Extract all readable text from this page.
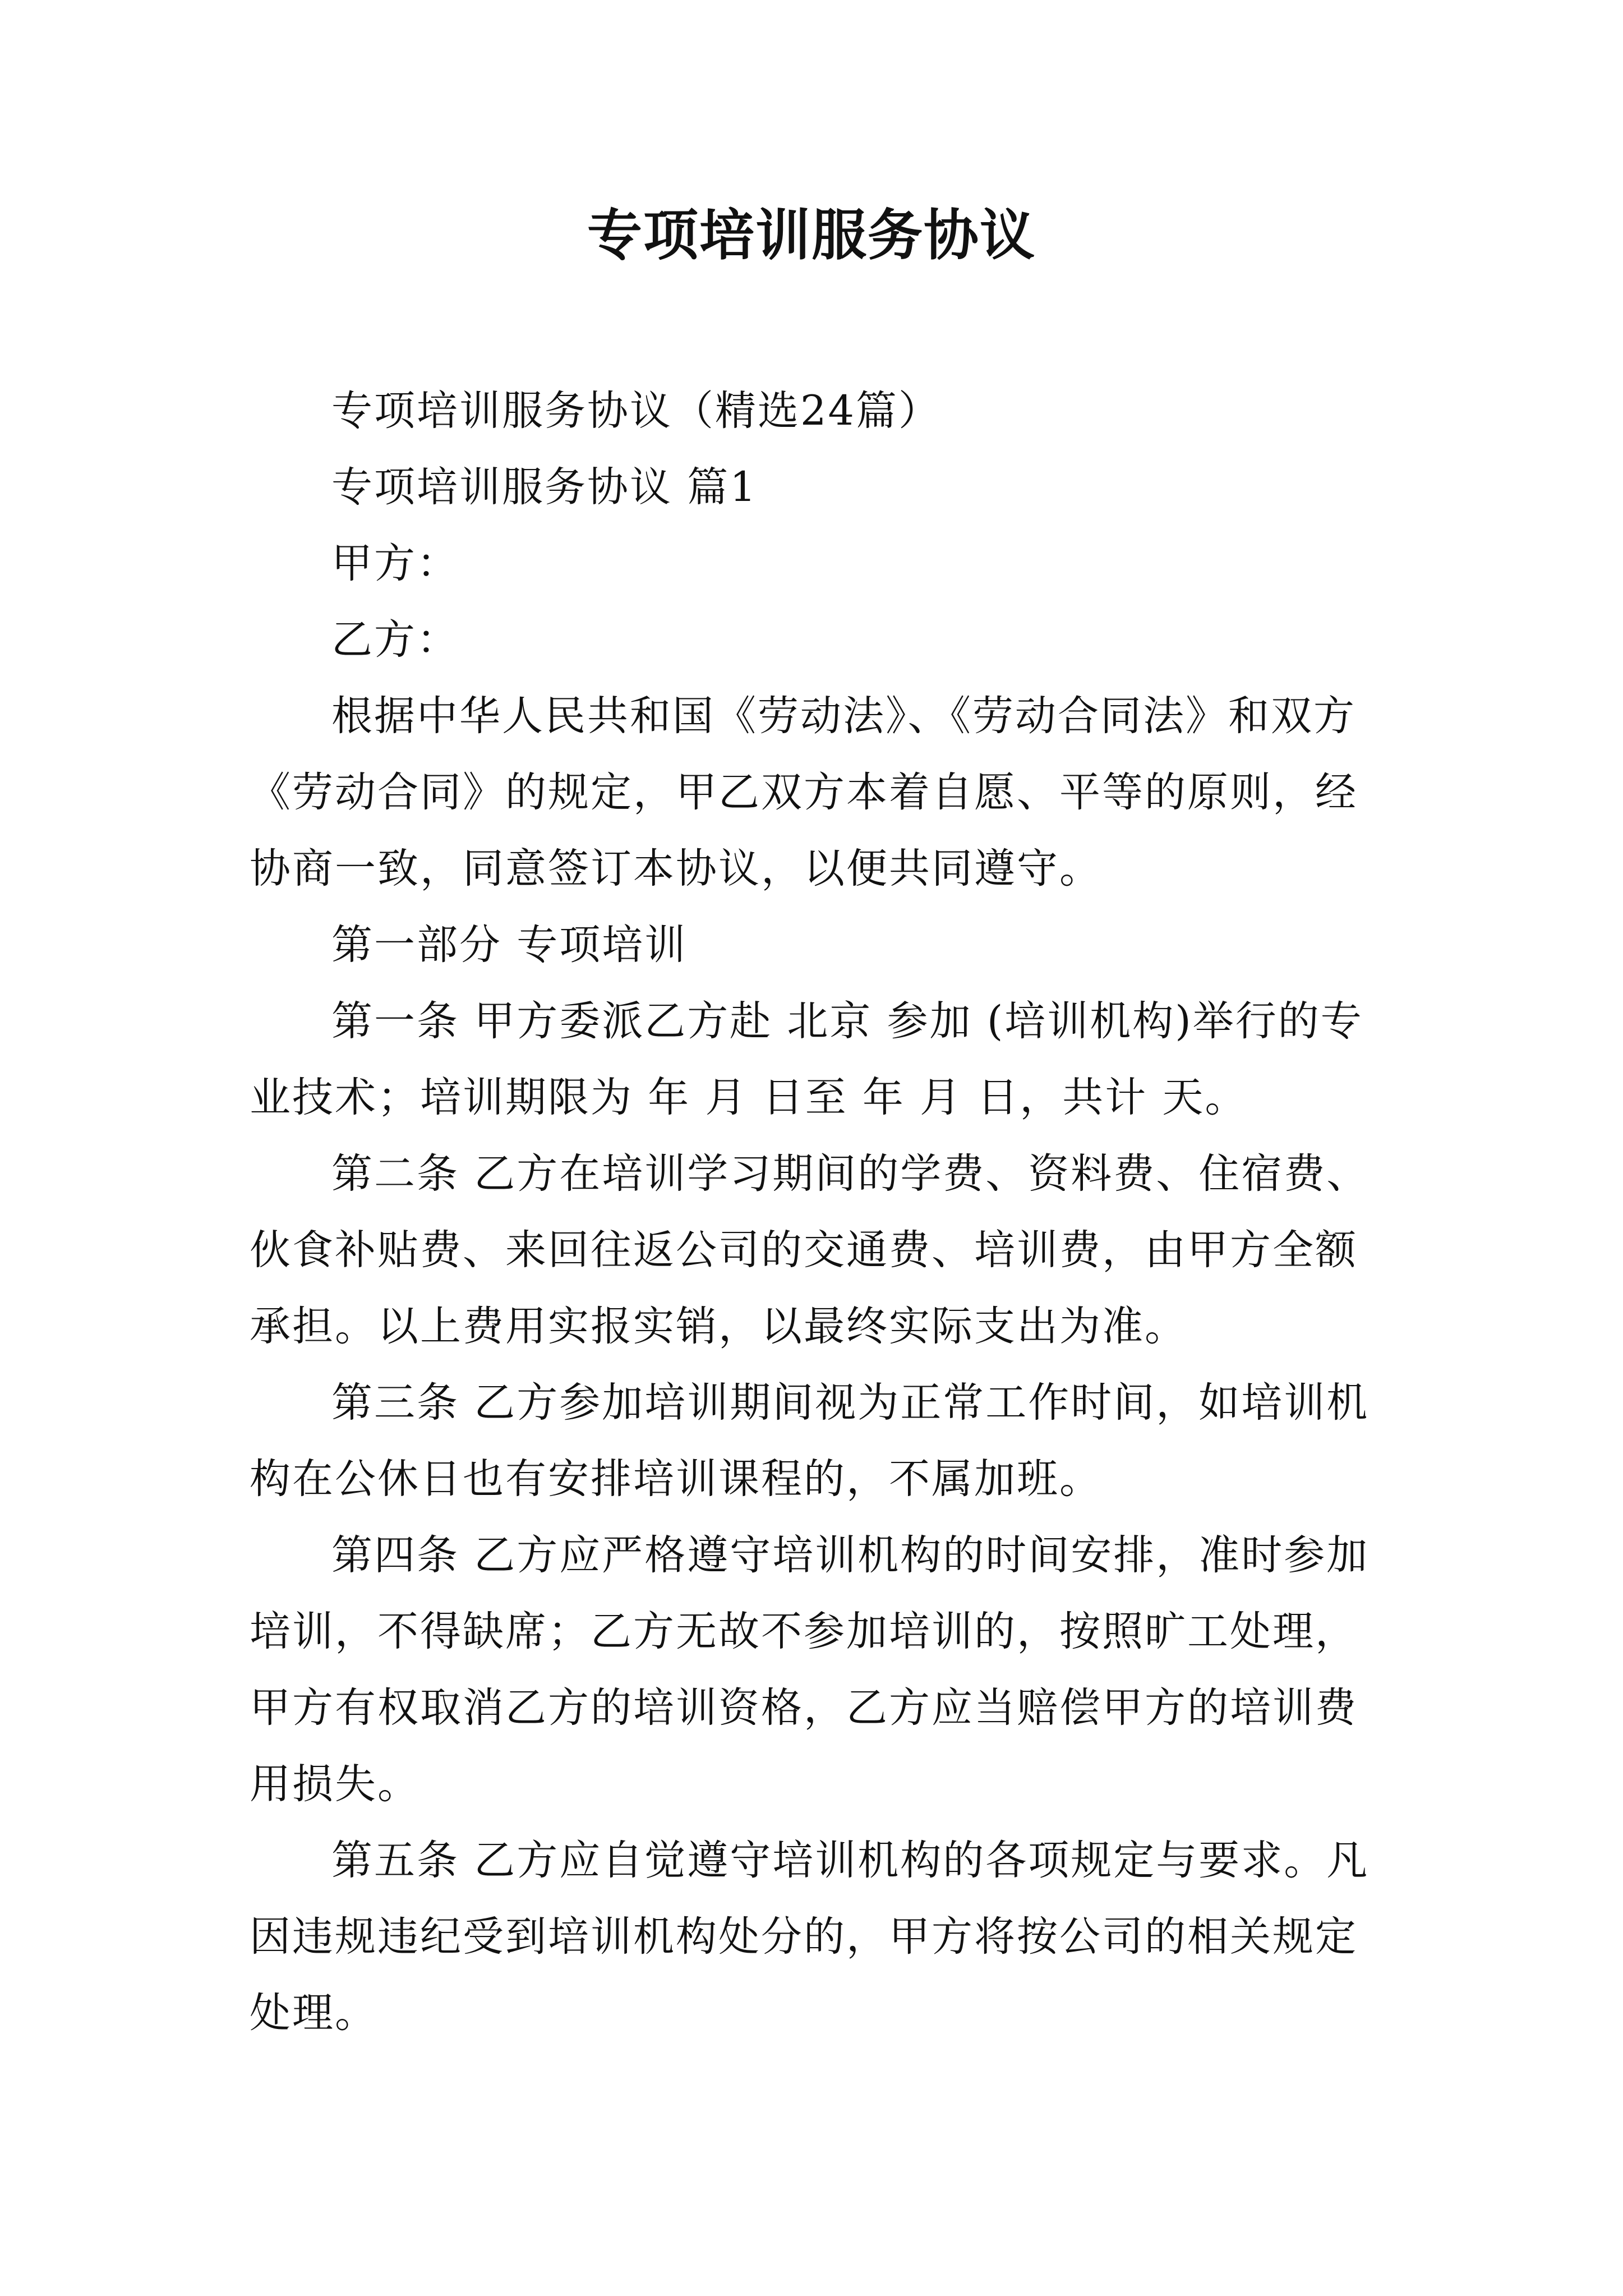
专项培训服务协议

专项培训服务协议（精选24篇）

专项培训服务协议 篇1

甲方：

乙方：

根据中华人民共和国《劳动法》、《劳动合同法》和双方《劳动合同》的规定，甲乙双方本着自愿、平等的原则，经协商一致，同意签订本协议，以便共同遵守。

第一部分 专项培训

第一条 甲方委派乙方赴 北京 参加 (培训机构)举行的专业技术；培训期限为 年 月 日至 年 月 日，共计 天。

第二条 乙方在培训学习期间的学费、资料费、住宿费、伙食补贴费、来回往返公司的交通费、培训费，由甲方全额承担。以上费用实报实销，以最终实际支出为准。

第三条 乙方参加培训期间视为正常工作时间，如培训机构在公休日也有安排培训课程的，不属加班。

第四条 乙方应严格遵守培训机构的时间安排，准时参加培训，不得缺席；乙方无故不参加培训的，按照旷工处理，甲方有权取消乙方的培训资格，乙方应当赔偿甲方的培训费用损失。

第五条 乙方应自觉遵守培训机构的各项规定与要求。凡因违规违纪受到培训机构处分的，甲方将按公司的相关规定处理。
